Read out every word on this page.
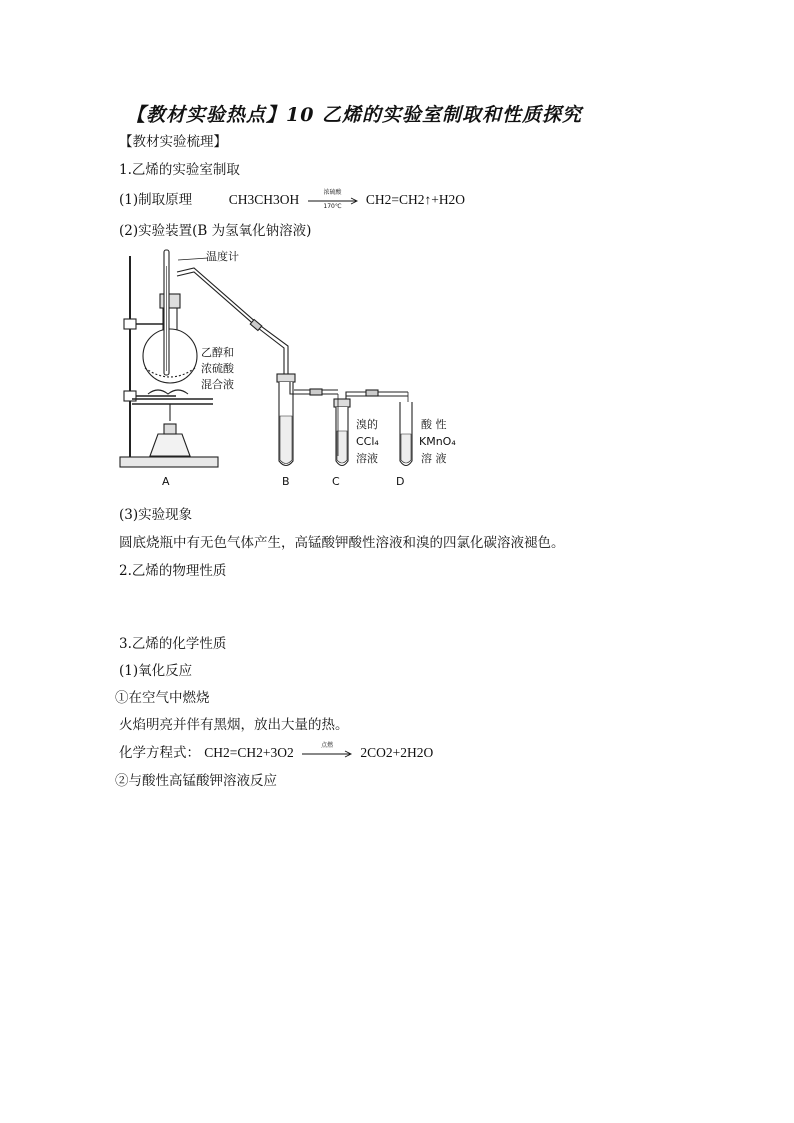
【教材实验热点】10 乙烯的实验室制取和性质探究
【教材实验梳理】
1.乙烯的实验室制取
(1)制取原理	CH3CH3OH	浓硫酸
170℃	CH2=CH2↑+H2O
(2)实验装置(B 为氢氧化钠溶液)
温度计
乙醇和
浓硫酸
混合液
溴的
CCl₄
溶液
酸 性
KMnO₄
溶 液
A	B	C	D
(3)实验现象
圆底烧瓶中有无色气体产生，高锰酸钾酸性溶液和溴的四氯化碳溶液褪色。
2.乙烯的物理性质
3.乙烯的化学性质
(1)氧化反应
①在空气中燃烧
火焰明亮并伴有黑烟，放出大量的热。
化学方程式： CH2=CH2+3O2	点燃	2CO2+2H2O
②与酸性高锰酸钾溶液反应
